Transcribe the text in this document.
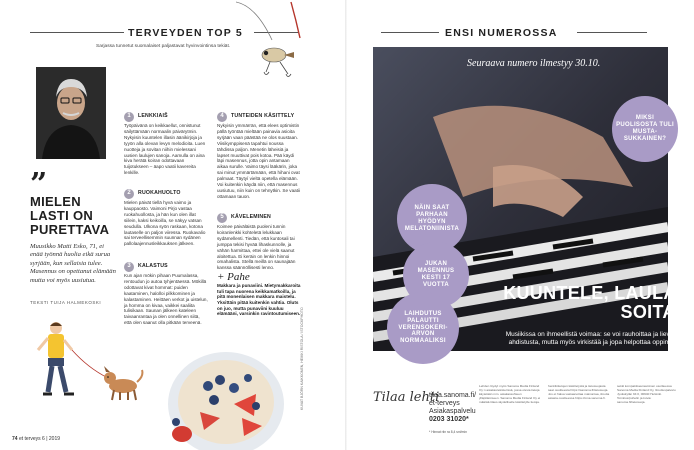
TERVEYDEN TOP 5
Sarjassa tunnetut suomalaiset paljastavat hyvinvointinsa tekiät.
”
MIELEN LASTI ON PURETTAVA
Muusikko Matti Esko, 71, ei enää työnnä huolia eikä surua syrjään, kun sellaisia tulee. Masennus on opettanut elämään mutta voi myös uusiutua.
TEKSTI TUIJA HALMEKOSKI
74 et terveys 6 | 2019
KUVAT BJÖRN KAIKKONEN, HEIKKI RISTOLA / ISTOCKPHOTO
1	LENKKIAIŠ
Työpäivänä on keikkaellut, onnistunut säilyttämään normaalin päivärytmin. Nykyisin kuuntelen illasin äänikirjoja ja tyyön alla olevan levyn melodioita. Luen nuotteja ja sovitan niihin mielessani uusien laulujen sanoja. Aamulla on aina kiva herätä koiran odottavaan tuijotukseen – äapo vaatii kavereita lenkille.
2	RUOKAHUOLTO
Mielen päivät tiellä hyvä vaimo ja kauppaosto. Vaimoni Pirjo vastaa ruokahuollosta, ja hän kun olen illat siilein, kaksi keikoilla, se näkyy vatsan seudulla. Ulkona syön raskaan, kotona lautaselle on paljon viiressa. Ruokavalio sai terveellisemmin suunnan sydänen pallolaajennusleikkauksen jälkeen.
3	KALASTUS
Kun ajan mökin pihaan Puumalassa, rentoudun jo autoa tyhjentäessä. Mökillä odottavat kivat hommat: puiden kaataminen, halolloi pilkkominen ja kalastaminen. Heittäen verkot ja uistelun, ja homma on kivaa, vaikkei saaliita tulisikaan. Saunan jälkeen kateleen taivaanrantaa ja olen onnellinen siitä, että olen saanut olla pitkään terveenä.
4	TUNTEIDEN KÄSITTELY
Nykyisin ymmärrän, että elees optimistin pällä työntää mieltään painavia asioita syrjään vaan päästää ne olos suustaan. Viisikymppisenä tapahtui noussa tähdissa paljon. Menetin läheisiä ja lapset muuttivat pois kotoa. Pää käydi läpi masennus, jotta opin antamaan aikaa surulle. Vaimo täysi lääkärin, joka sai minut ymmärtämään, että hihani ovat palmaat. Täytyí vieltä opetella elämään. Voi kuitenkin käydä niin, että masennus uusiutuu, niin kuin on tehnytkin. Se vaatii ottamaan tauon.
5	KÄVELEMINEN
Koimee päiväläistä puoleni tunnin koiranlenkki kohteletä lelukkaan sydämellenti. Tiedän, että kuntosali tai jumppa tekisi hyvää lihaskunnolle, ja vähän harmittaa, ettei ole vielä saanut aloitettua. Ei keräin on lenkin hinnoi omahalista. Stellä meillä on saunajään kanssa säännöllisesti lenno.
+ Pahe
Makkara ja punaviini. Mietymakkaroita tuli tapa nuorena keikkamatkoilla, ja pitä monenlaisen makkara maistelu. Yksittäin pitää kuitenkin vahtia. Oluts on juo, mutta punaviini kuuluu elämääni, varsinkin ravintoutumiseen.
ENSI NUMEROSSA
Seuraava numero ilmestyy 30.10.
MIKSI PUOLISOSTA TULI MUSTA-SUKKAINEN?
NÄIN SAAT PARHAAN HYÖDYN MELATONIINISTA
JUKAN MASENNUS KESTI 17 VUOTTA
LAIHDUTUS PALAUTTI VERENSOKERI-ARVON NORMAALIKSI
KUUNTELE, LAULA, SOITA!
Musiikissa on ihmeellistä voimaa: se voi rauhoittaa ja lievittää ahdistusta, mutta myös virkistää ja jopa helpottaa oppimista.
Tilaa lehti
tilaa.sanoma.fi/
et-terveys
Asiakaspalvelu
0203 31020*
* Hinnat riin ra 8,4 snt/min
Lehden löydyt myös Sanoma Media Finland Oy:n asiakasrekisterissä, jossa olevia tietoja käytetään mm. asiakassuhteen ylläpitämiseen. Sanoma Media Finland Oy ei määrää tilaus-täydelliselle käsittelylle tietoja.
henkilötietojen käsittelystä ja tietosuojasta saat osoitteesta https://sanoma.fi/tietosuoja. Jos et halua vastaanottaa mainontaa, ilmoita asiasta osoitteessa https://oma.sanoma.fi.
sekki kompaktiseuraaminen osoitteessa Sanoma Media Finland Oy, Ilmoituspalvelu Jyväskylän 94 0, 00940 Helsinki. Toimitus/puhelin ja kuvia: sanoma.fi/tietosuoja.
